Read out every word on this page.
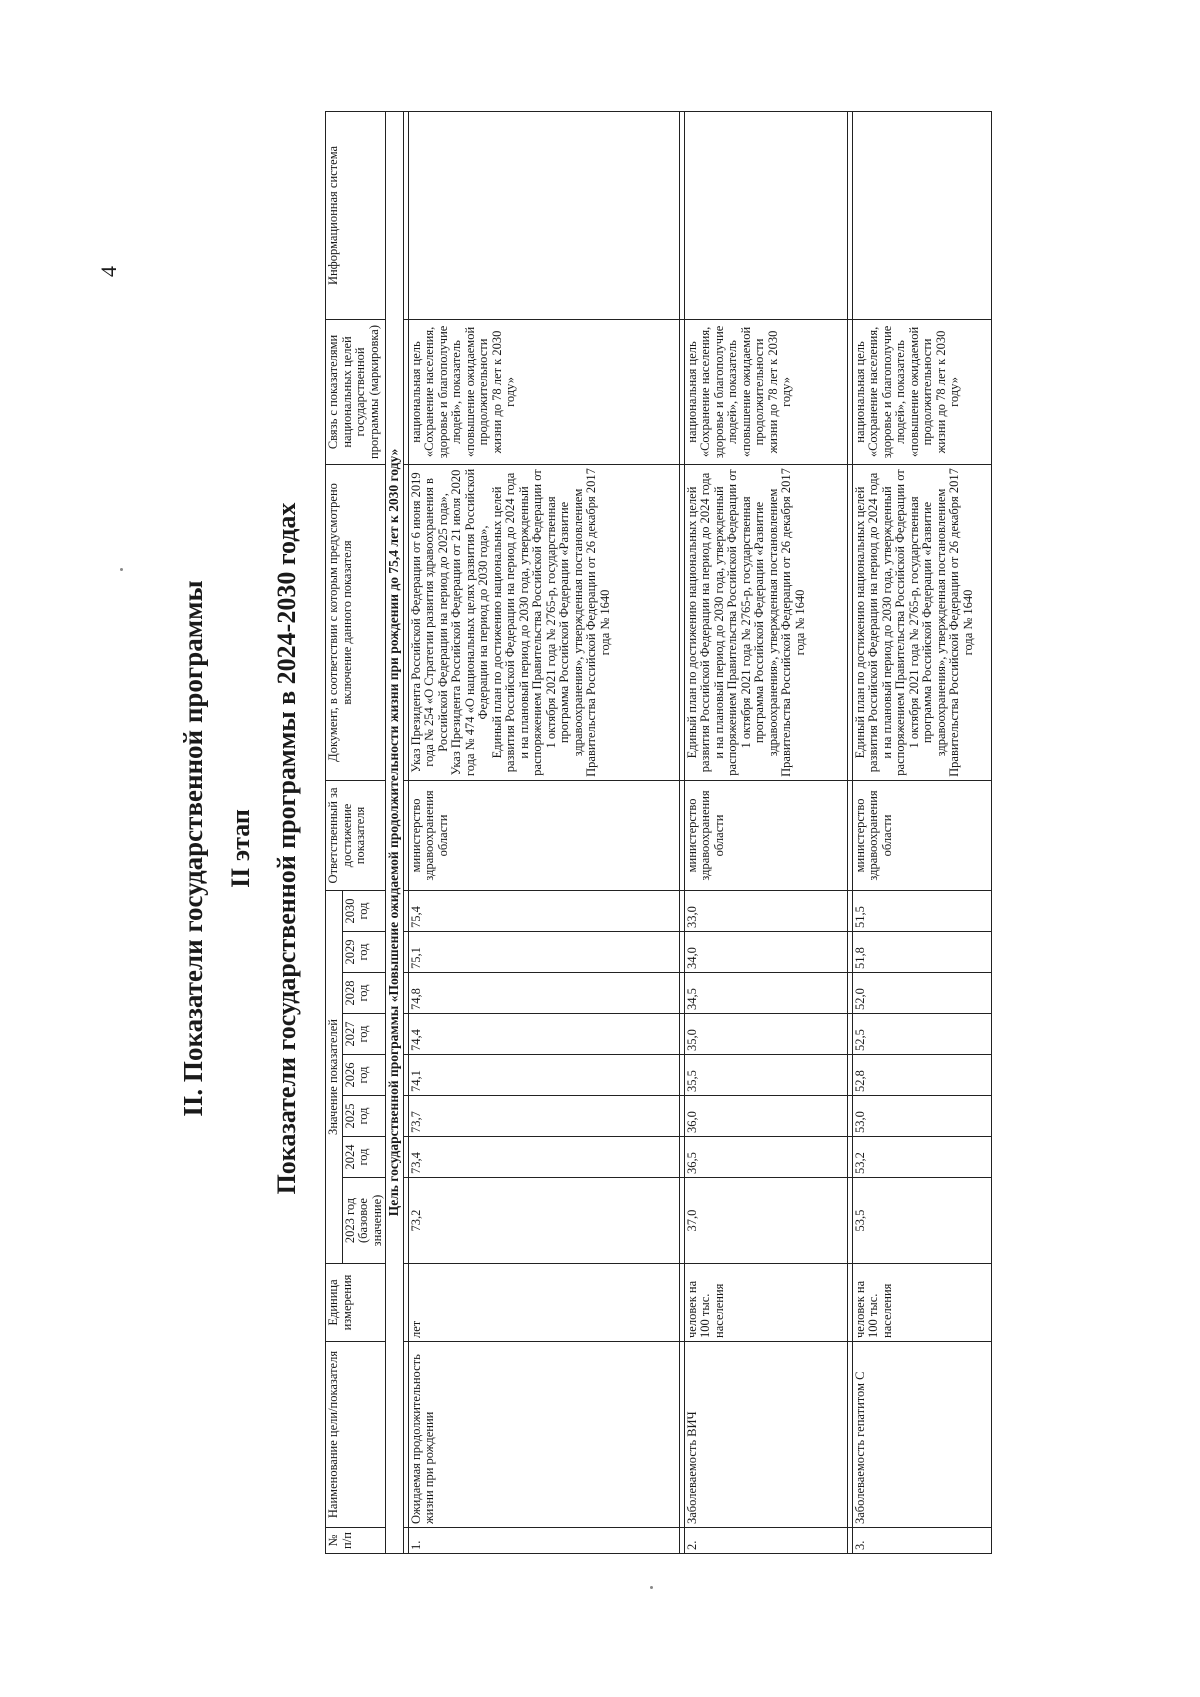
4
II. Показатели государственной программы II этап Показатели государственной программы в 2024-2030 годах
№ п/п	Наименование цели/показателя	Единица измерения	Значение показателей								Ответственный за достижение показателя	Документ, в соответствии с которым предусмотрено включение данного показателя	Связь с показателями национальных целей государственной программы (маркировка)	Информационная система
			2023 год (базовое значение)	2024 год	2025 год	2026 год	2027 год	2028 год	2029 год	2030 год				
Цель государственной программы «Повышение ожидаемой продолжительности жизни при рождении до 75,4 лет к 2030 году»														

1.	Ожидаемая продолжительность жизни при рождении	лет	73,2	73,4	73,7	74,1	74,4	74,8	75,1	75,4	министерство здравоохранения области	Указ Президента Российской Федерации от 6 июня 2019 года № 254 «О Стратегии развития здравоохранения в Российской Федерации на период до 2025 года»,
Указ Президента Российской Федерации от 21 июля 2020 года № 474 «О национальных целях развития Российской Федерации на период до 2030 года»,
Единый план по достижению национальных целей развития Российской Федерации на период до 2024 года и на плановый период до 2030 года, утвержденный распоряжением Правительства Российской Федерации от 1 октября 2021 года № 2765-р, государственная программа Российской Федерации «Развитие здравоохранения», утвержденная постановлением Правительства Российской Федерации от 26 декабря 2017 года № 1640	национальная цель «Сохранение населения, здоровье и благополучие людей», показатель «повышение ожидаемой продолжительности жизни до 78 лет к 2030 году»	

2.	Заболеваемость ВИЧ	человек на 100 тыс. населения	37,0	36,5	36,0	35,5	35,0	34,5	34,0	33,0	министерство здравоохранения области	Единый план по достижению национальных целей развития Российской Федерации на период до 2024 года и на плановый период до 2030 года, утвержденный распоряжением Правительства Российской Федерации от 1 октября 2021 года № 2765-р, государственная программа Российской Федерации «Развитие здравоохранения», утвержденная постановлением Правительства Российской Федерации от 26 декабря 2017 года № 1640	национальная цель «Сохранение населения, здоровье и благополучие людей», показатель «повышение ожидаемой продолжительности жизни до 78 лет к 2030 году»	

3.	Заболеваемость гепатитом С	человек на 100 тыс. населения	53,5	53,2	53,0	52,8	52,5	52,0	51,8	51,5	министерство здравоохранения области	Единый план по достижению национальных целей развития Российской Федерации на период до 2024 года и на плановый период до 2030 года, утвержденный распоряжением Правительства Российской Федерации от 1 октября 2021 года № 2765-р, государственная программа Российской Федерации «Развитие здравоохранения», утвержденная постановлением Правительства Российской Федерации от 26 декабря 2017 года № 1640	национальная цель «Сохранение населения, здоровье и благополучие людей», показатель «повышение ожидаемой продолжительности жизни до 78 лет к 2030 году»	
